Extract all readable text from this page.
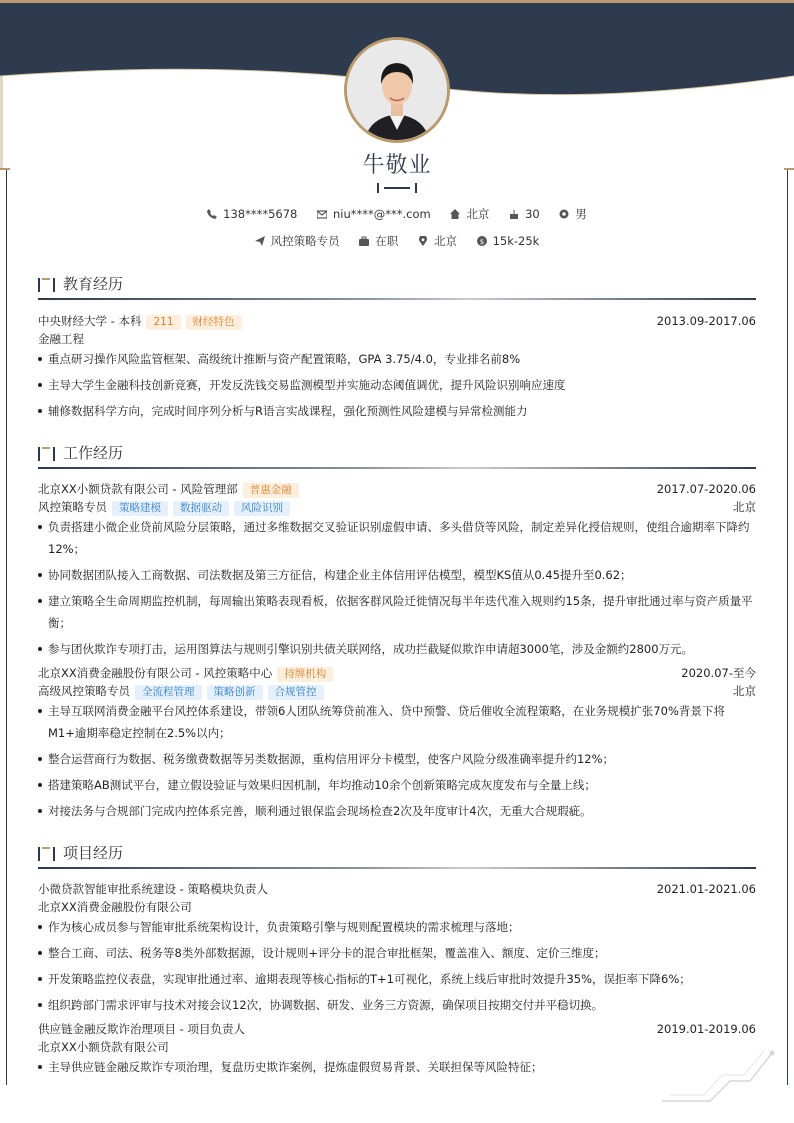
牛敬业
138****5678	niu****@***.com	北京	30	男
风控策略专员	在职	北京	$ 15k-25k
教育经历
中央财经大学 - 本科 211 财经特色	2013.09-2017.06
金融工程
重点研习操作风险监管框架、高级统计推断与资产配置策略，GPA 3.75/4.0，专业排名前8%
主导大学生金融科技创新竞赛，开发反洗钱交易监测模型并实施动态阈值调优，提升风险识别响应速度
辅修数据科学方向，完成时间序列分析与R语言实战课程，强化预测性风险建模与异常检测能力
工作经历
北京XX小额贷款有限公司 - 风险管理部 普惠金融	2017.07-2020.06
风控策略专员 策略建模 数据驱动 风险识别	北京
负责搭建小微企业贷前风险分层策略，通过多维数据交叉验证识别虚假申请、多头借贷等风险，制定差异化授信规则，使组合逾期率下降约12%；
协同数据团队接入工商数据、司法数据及第三方征信，构建企业主体信用评估模型，模型KS值从0.45提升至0.62；
建立策略全生命周期监控机制，每周输出策略表现看板，依据客群风险迁徙情况每半年迭代准入规则约15条，提升审批通过率与资产质量平衡；
参与团伙欺诈专项打击，运用图算法与规则引擎识别共债关联网络，成功拦截疑似欺诈申请超3000笔，涉及金额约2800万元。
北京XX消费金融股份有限公司 - 风控策略中心 持牌机构	2020.07-至今
高级风控策略专员 全流程管理 策略创新 合规管控	北京
主导互联网消费金融平台风控体系建设，带领6人团队统筹贷前准入、贷中预警、贷后催收全流程策略，在业务规模扩张70%背景下将M1+逾期率稳定控制在2.5%以内；
整合运营商行为数据、税务缴费数据等另类数据源，重构信用评分卡模型，使客户风险分级准确率提升约12%；
搭建策略AB测试平台，建立假设验证与效果归因机制，年均推动10余个创新策略完成灰度发布与全量上线；
对接法务与合规部门完成内控体系完善，顺利通过银保监会现场检查2次及年度审计4次，无重大合规瑕疵。
项目经历
小微贷款智能审批系统建设 - 策略模块负责人	2021.01-2021.06
北京XX消费金融股份有限公司
作为核心成员参与智能审批系统架构设计，负责策略引擎与规则配置模块的需求梳理与落地；
整合工商、司法、税务等8类外部数据源，设计规则+评分卡的混合审批框架，覆盖准入、额度、定价三维度；
开发策略监控仪表盘，实现审批通过率、逾期表现等核心指标的T+1可视化，系统上线后审批时效提升35%，误拒率下降6%；
组织跨部门需求评审与技术对接会议12次，协调数据、研发、业务三方资源，确保项目按期交付并平稳切换。
供应链金融反欺诈治理项目 - 项目负责人	2019.01-2019.06
北京XX小额贷款有限公司
主导供应链金融反欺诈专项治理，复盘历史欺诈案例，提炼虚假贸易背景、关联担保等风险特征；
